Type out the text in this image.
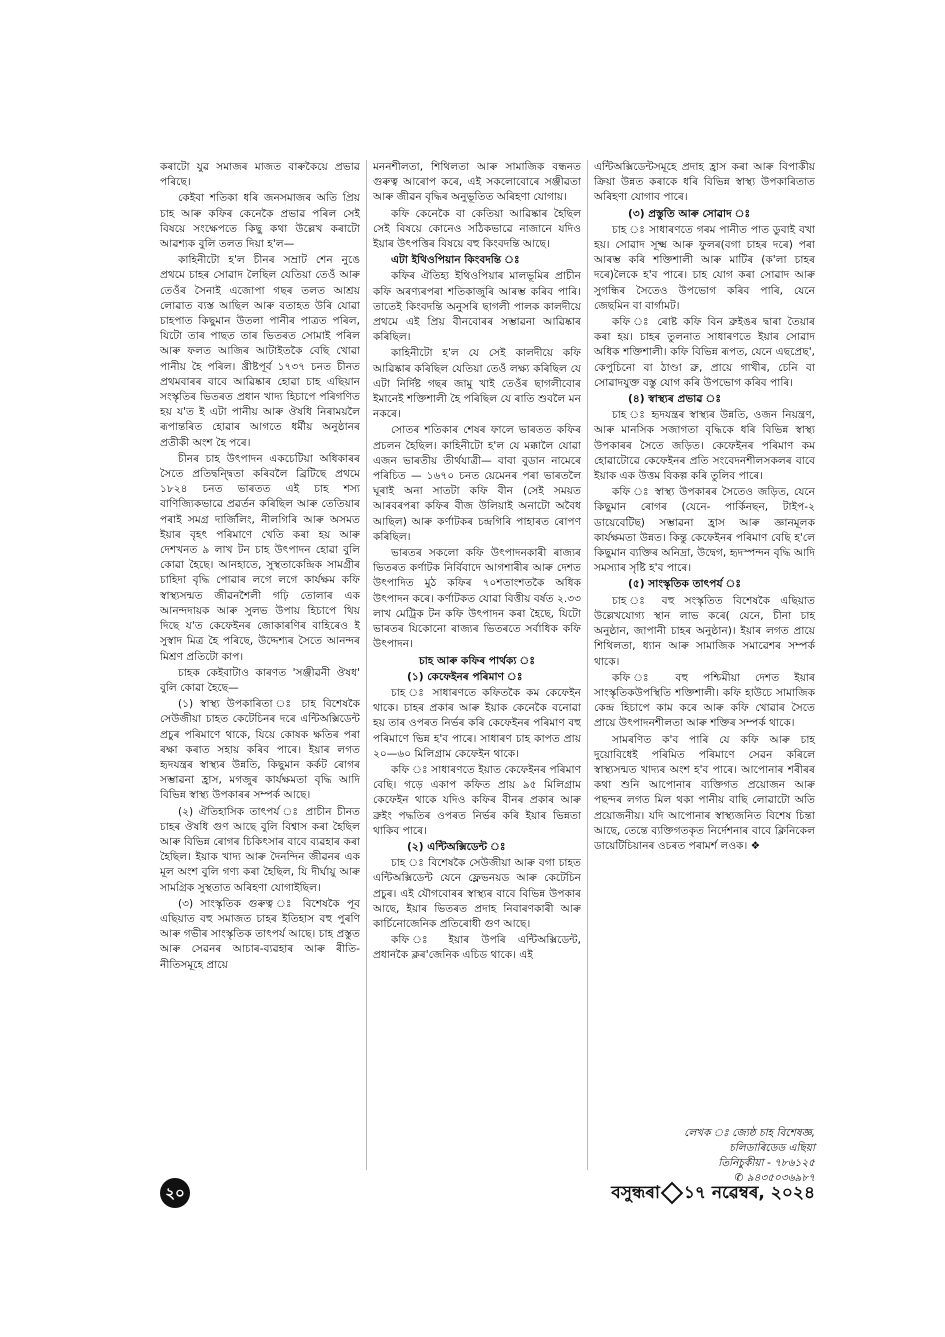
কৰাটো যুৱ সমাজৰ মাজত বাৰুকৈয়ে প্ৰভাৱ পৰিছে।

কেইবা শতিকা ধৰি জনসমাজৰ অতি প্ৰিয় চাহ আৰু কফিৰ কেনেকৈ প্ৰভাৱ পৰিল সেই বিষয়ে সংক্ষেপতে কিছু কথা উল্লেখ কৰাটো আৱশ্যক বুলি তলত দিয়া হ'ল—

কাহিনীটো হ'ল চীনৰ সম্ৰাট শেন নুঙে প্ৰথমে চাহৰ সোৱাদ লৈছিল যেতিয়া তেওঁ আৰু তেওঁৰ সৈনাই এজোপা গছৰ তলত আশ্ৰয় লোৱাত ব্যস্ত আছিল আৰু বতাহত উৰি যোৱা চাহপাত কিছুমান উতলা পানীৰ পাত্ৰত পৰিল, যিটো তাৰ পাছত তাৰ ভিতৰত সোমাই পৰিল আৰু ফলত আজিৰ আটাইতকৈ বেছি খোৱা পানীয় হৈ পৰিল। খ্ৰীষ্টপূৰ্ব ১৭৩৭ চনত চীনত প্ৰথমবাৰৰ বাবে আৱিষ্কাৰ হোৱা চাহ এছিয়ান সংস্কৃতিৰ ভিতৰত প্ৰধান খাদ্য হিচাপে পৰিগণিত হয় য'ত ই এটা পানীয় আৰু ঔষধি নিৰাময়লৈ ৰূপান্তৰিত হোৱাৰ আগতে ধৰ্মীয় অনুষ্ঠানৰ প্ৰতীকী অংশ হৈ পৰে।

চীনৰ চাহ উৎপাদন একচেটিয়া অধিকাৰৰ সৈতে প্ৰতিদ্বন্দ্বিতা কৰিবলৈ ব্ৰিটিছে প্ৰথমে ১৮২৪ চনত ভাৰতত এই চাহ শস্য বাণিজ্যিকভাৱে প্ৰৱৰ্তন কৰিছিল আৰু তেতিয়াৰ পৰাই সমগ্ৰ দাৰ্জিলিং, নীলগিৰি আৰু অসমত ইয়াৰ বৃহৎ পৰিমাণে খেতি কৰা হয় আৰু দেশখনত ৯ লাখ টন চাহ উৎপাদন হোৱা বুলি কোৱা হৈছে। আনহাতে, সুস্থতাকেন্দ্ৰিক সামগ্ৰীৰ চাহিদা বৃদ্ধি পোৱাৰ লগে লগে কাৰ্যক্ষম কফি স্বাস্থ্যসন্মত জীৱনশৈলী গঢ়ি তোলাৰ এক আনন্দদায়ক আৰু সুলভ উপায় হিচাপে থিয় দিছে য'ত কেফেইনৰ জোকাৰণিৰ বাহিৰেও ই সুস্বাদ মিত্ৰ হৈ পৰিছে, উদ্দেশ্যৰ সৈতে আনন্দৰ মিশ্ৰণ প্ৰতিটো কাপ।

চাহক কেইবাটাও কাৰণত 'সঞ্জীৱনী ঔষধ' বুলি কোৱা হৈছে—

(১) স্বাস্থ্য উপকাৰিতা ঃ চাহ বিশেষকৈ সেউজীয়া চাহত কেটেচিনৰ দৰে এন্টিঅক্সিডেন্ট প্ৰচুৰ পৰিমাণে থাকে, যিয়ে কোষক ক্ষতিৰ পৰা ৰক্ষা কৰাত সহায় কৰিব পাৰে। ইয়াৰ লগত হৃদযন্ত্ৰৰ স্বাস্থ্যৰ উন্নতি, কিছুমান কৰ্কট ৰোগৰ সম্ভাৱনা হ্ৰাস, মগজুৰ কাৰ্যক্ষমতা বৃদ্ধি আদি বিভিন্ন স্বাস্থ্য উপকাৰৰ সম্পৰ্ক আছে।

(২) ঐতিহাসিক তাৎপৰ্য ঃ প্ৰাচীন চীনত চাহৰ ঔষধি গুণ আছে বুলি বিশ্বাস কৰা হৈছিল আৰু বিভিন্ন ৰোগৰ চিকিৎসাৰ বাবে ব্যৱহাৰ কৰা হৈছিল। ইয়াক খাদ্য আৰু দৈনন্দিন জীৱনৰ এক মূল অংশ বুলি গণ্য কৰা হৈছিল, যি দীৰ্ঘায়ু আৰু সামগ্ৰিক সুস্থতাত অৰিহণা যোগাইছিল।

(৩) সাংস্কৃতিক গুৰুত্ব ঃ বিশেষকৈ পূব এছিয়াত বহু সমাজত চাহৰ ইতিহাস বহু পুৰণি আৰু গভীৰ সাংস্কৃতিক তাৎপৰ্য আছে। চাহ প্ৰস্তুত আৰু সেৱনৰ আচাৰ-ব্যৱহাৰ আৰু ৰীতি-নীতিসমূহে প্ৰায়ে

মননশীলতা, শিথিলতা আৰু সামাজিক বন্ধনত গুৰুত্ব আৰোপ কৰে, এই সকলোবোৰে সঞ্জীৱতা আৰু জীৱন বৃদ্ধিৰ অনুভূতিত অৰিহণা যোগায়।

কফি কেনেকৈ বা কেতিয়া আৱিষ্কাৰ হৈছিল সেই বিষয়ে কোনেও সঠিকভাৱে নাজানে যদিও ইয়াৰ উৎপত্তিৰ বিষয়ে বহু কিংবদন্তি আছে।

এটা ইথিওপিয়ান কিংবদন্তি ঃ

কফিৰ ঐতিহ্য ইথিওপিয়াৰ মালভূমিৰ প্ৰাচীন কফি অৰণ্যৰপৰা শতিকাজুৰি আৰম্ভ কৰিব পাৰি। তাতেই কিংবদন্তি অনুসৰি ছাগলী পালক কালদীয়ে প্ৰথমে এই প্ৰিয় বীনবোৰৰ সম্ভাৱনা আৱিষ্কাৰ কৰিছিল।

কাহিনীটো হ'ল যে সেই কালদীয়ে কফি আৱিষ্কাৰ কৰিছিল যেতিয়া তেওঁ লক্ষ্য কৰিছিল যে এটা নিৰ্দিষ্ট গছৰ জামু খাই তেওঁৰ ছাগলীবোৰ ইমানেই শক্তিশালী হৈ পৰিছিল যে ৰাতি শুবলৈ মন নকৰে।

সোতৰ শতিকাৰ শেষৰ ফালে ভাৰতত কফিৰ প্ৰচলন হৈছিল। কাহিনীটো হ'ল যে মক্কালৈ যোৱা এজন ভাৰতীয় তীৰ্থযাত্ৰী— বাবা বুডান নামেৰে পৰিচিত — ১৬৭০ চনত য়েমেনৰ পৰা ভাৰতলৈ ঘূৰাই অনা সাতটা কফি বীন (সেই সময়ত আৰবৰপৰা কফিৰ বীজ উলিয়াই অনাটো অবৈধ আছিল) আৰু কৰ্ণাটকৰ চন্দ্ৰগিৰি পাহাৰত ৰোপণ কৰিছিল।

ভাৰতৰ সকলো কফি উৎপাদনকাৰী ৰাজ্যৰ ভিতৰত কৰ্ণাটক নিৰ্বিবাদে আগশাৰীৰ আৰু দেশত উৎপাদিত মুঠ কফিৰ ৭০শতাংশতকৈ অধিক উৎপাদন কৰে। কৰ্ণাটকত যোৱা বিত্তীয় বৰ্ষত ২.৩৩ লাখ মেট্ৰিক টন কফি উৎপাদন কৰা হৈছে, যিটো ভাৰতৰ যিকোনো ৰাজ্যৰ ভিতৰতে সৰ্বাধিক কফি উৎপাদন।

চাহ আৰু কফিৰ পাৰ্থক্য ঃ

(১) কেফেইনৰ পৰিমাণ ঃ

চাহ ঃ সাধাৰণতে কফিতকৈ কম কেফেইন থাকে। চাহৰ প্ৰকাৰ আৰু ইয়াক কেনেকৈ বনোৱা হয় তাৰ ওপৰত নিৰ্ভৰ কৰি কেফেইনৰ পৰিমাণ বহু পৰিমাণে ভিন্ন হ'ব পাৰে। সাধাৰণ চাহ কাপত প্ৰায় ২০—৬০ মিলিগ্ৰাম কেফেইন থাকে।

কফি ঃ সাধাৰণতে ইয়াত কেফেইনৰ পৰিমাণ বেছি। গড়ে একাপ কফিত প্ৰায় ৯৫ মিলিগ্ৰাম কেফেইন থাকে যদিও কফিৰ বীনৰ প্ৰকাৰ আৰু ব্ৰুইং পদ্ধতিৰ ওপৰত নিৰ্ভৰ কৰি ইয়াৰ ভিন্নতা থাকিব পাৰে।

(২) এন্টিঅক্সিডেন্ট ঃ

চাহ ঃ বিশেষকৈ সেউজীয়া আৰু বগা চাহত এন্টিঅক্সিডেন্ট যেনে ফ্লেভনয়ড আৰু কেটেচিন প্ৰচুৰ। এই যৌগবোৰৰ স্বাস্থ্যৰ বাবে বিভিন্ন উপকাৰ আছে, ইয়াৰ ভিতৰত প্ৰদাহ নিবাৰণকাৰী আৰু কাৰ্চিনোজেনিক প্ৰতিৰোধী গুণ আছে।

কফি ঃ ইয়াৰ উপৰি এন্টিঅক্সিডেন্ট, প্ৰধানকৈ ক্লৰ'জেনিক এচিড থাকে। এই

এন্টিঅক্সিডেন্টসমূহে প্ৰদাহ হ্ৰাস কৰা আৰু বিপাকীয় ক্ৰিয়া উন্নত কৰাকে ধৰি বিভিন্ন স্বাস্থ্য উপকাৰিতাত অৰিহণা যোগাব পাৰে।

(৩) প্ৰস্তুতি আৰু সোৱাদ ঃ

চাহ ঃ সাধাৰণতে গৰম পানীত পাত ডুবাই বখা হয়। সোৱাদ সূক্ষ্ম আৰু ফুলৰ(বগা চাহৰ দৰে) পৰা আৰম্ভ কৰি শক্তিশালী আৰু মাটিৰ (ক'লা চাহৰ দৰে)লৈকে হ'ব পাৰে। চাহ যোগ কৰা সোৱাদ আৰু সুগন্ধিৰ সৈতেও উপভোগ কৰিব পাৰি, যেনে জেছমিন বা বাৰ্গামট।

কফি ঃ ৰোষ্ট কফি বিন ব্ৰুইঙৰ দ্বাৰা তৈয়াৰ কৰা হয়। চাহৰ তুলনাত সাধাৰণতে ইয়াৰ সোৱাদ অধিক শক্তিশালী। কফি বিভিন্ন ৰূপত, যেনে এছপ্ৰেছ', কেপুচিনো বা ঠাণ্ডা ব্ৰু, প্ৰায়ে গাখীৰ, চেনি বা সোৱাদযুক্ত বস্তু যোগ কৰি উপভোগ কৰিব পাৰি।

(৪) স্বাস্থ্যৰ প্ৰভাৱ ঃ

চাহ ঃ হৃদযন্ত্ৰৰ স্বাস্থ্যৰ উন্নতি, ওজন নিয়ন্ত্ৰণ, আৰু মানসিক সজাগতা বৃদ্ধিকে ধৰি বিভিন্ন স্বাস্থ্য উপকাৰৰ সৈতে জড়িত। কেফেইনৰ পৰিমাণ কম হোৱাটোৱে কেফেইনৰ প্ৰতি সংবেদনশীলসকলৰ বাবে ইয়াক এক উত্তম বিকল্প কৰি তুলিব পাৰে।

কফি ঃ স্বাস্থ্য উপকাৰৰ সৈতেও জড়িত, যেনে কিছুমান ৰোগৰ (যেনে- পাৰ্কিনছন, টাইপ-২ ডায়েবেটিছ) সম্ভাৱনা হ্ৰাস আৰু জ্ঞানমূলক কাৰ্যক্ষমতা উন্নত। কিন্তু কেফেইনৰ পৰিমাণ বেছি হ'লে কিছুমান ব্যক্তিৰ অনিদ্ৰা, উদ্বেগ, হৃদস্পন্দন বৃদ্ধি আদি সমস্যাৰ সৃষ্টি হ'ব পাৰে।

(৫) সাংস্কৃতিক তাৎপৰ্য ঃ

চাহ ঃ বহু সংস্কৃতিত বিশেষকৈ এছিয়াত উল্লেখযোগ্য স্থান লাভ কৰে( যেনে, চীনা চাহ অনুষ্ঠান, জাপানী চাহৰ অনুষ্ঠান)। ইয়াৰ লগত প্ৰায়ে শিথিলতা, ধ্যান আৰু সামাজিক সমাৱেশৰ সম্পৰ্ক থাকে।

কফি ঃ বহু পশ্চিমীয়া দেশত ইয়াৰ সাংস্কৃতিকউপস্থিতি শক্তিশালী। কফি হাউচে সামাজিক কেন্দ্ৰ হিচাপে কাম কৰে আৰু কফি খোৱাৰ সৈতে প্ৰায়ে উৎপাদনশীলতা আৰু শক্তিৰ সম্পৰ্ক থাকে।

সামৰণিত ক'ব পাৰি যে কফি আৰু চাহ দুয়োবিধেই পৰিমিত পৰিমাণে সেৱন কৰিলে স্বাস্থ্যসন্মত খাদ্যৰ অংশ হ'ব পাৰে। আপোনাৰ শৰীৰৰ কথা শুনি আপোনাৰ ব্যক্তিগত প্ৰয়োজন আৰু পছন্দৰ লগত মিল থকা পানীয় বাছি লোৱাটো অতি প্ৰয়োজনীয়। যদি আপোনাৰ স্বাস্থ্যজনিত বিশেষ চিন্তা আছে, তেন্তে ব্যক্তিগতকৃত নিৰ্দেশনাৰ বাবে ক্লিনিকেল ডায়েটিচিয়ানৰ ওচৰত পৰামৰ্শ লওক। ❖

লেখক ঃ জ্যেষ্ঠ চাহ বিশেষজ্ঞ,
চলিডাৰিডেড এছিয়া
তিনিচুকীয়া - ৭৮৬১২৫
✆ ৯৪৩৫০৩৬৯৮৭
২০	বসুন্ধৰা ১৭ নৱেম্বৰ, ২০২৪
